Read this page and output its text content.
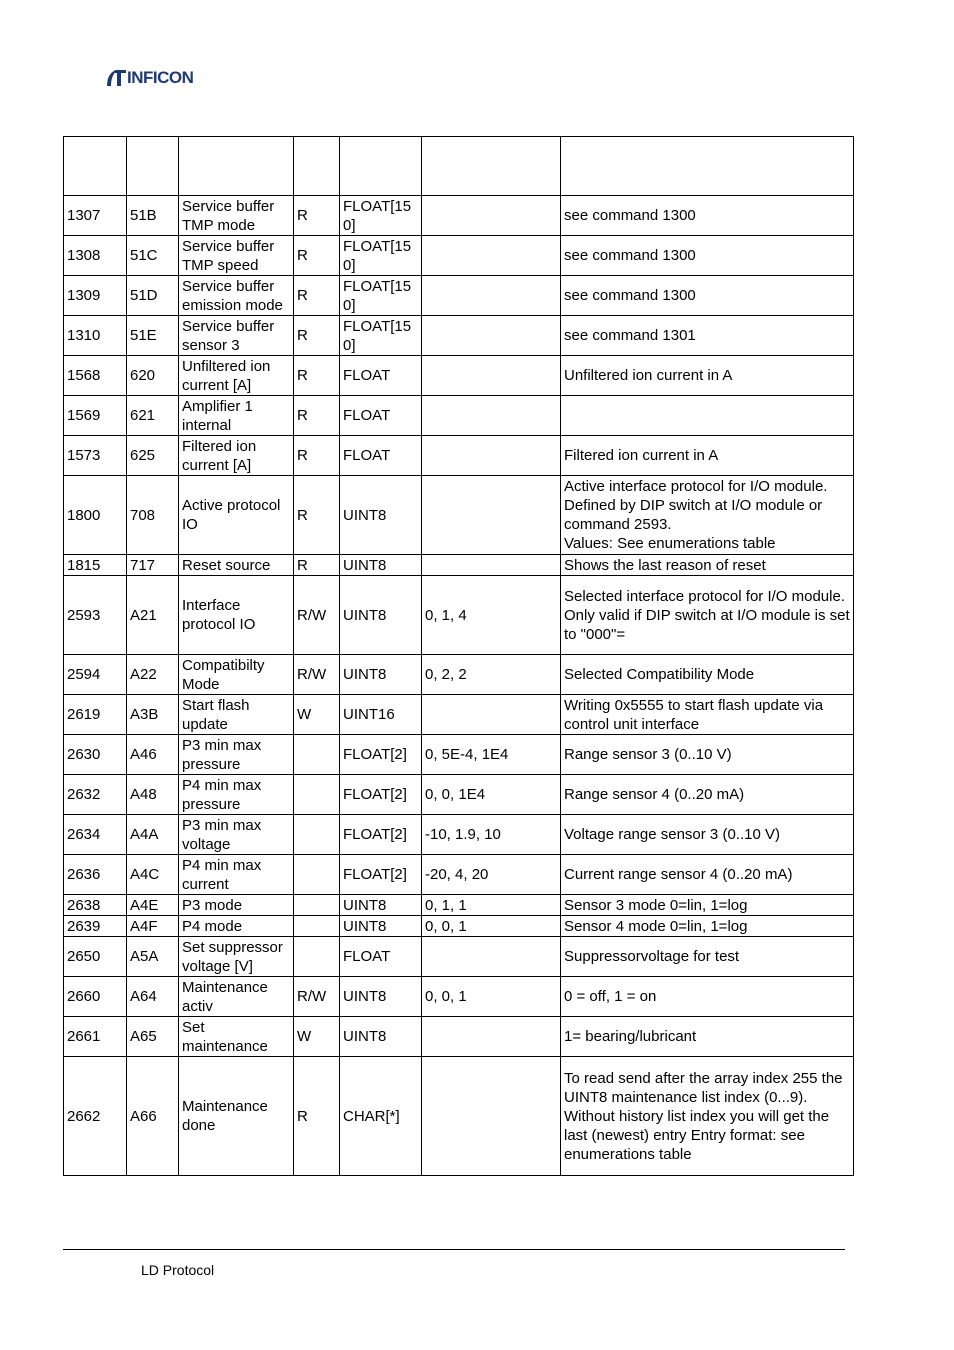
INFICON

1307	51B	Service buffer TMP mode	R	FLOAT[150]		see command 1300
1308	51C	Service buffer TMP speed	R	FLOAT[150]		see command 1300
1309	51D	Service buffer emission mode	R	FLOAT[150]		see command 1300
1310	51E	Service buffer sensor 3	R	FLOAT[150]		see command 1301
1568	620	Unfiltered ion current [A]	R	FLOAT		Unfiltered ion current in A
1569	621	Amplifier 1 internal	R	FLOAT		
1573	625	Filtered ion current [A]	R	FLOAT		Filtered ion current in A
1800	708	Active protocol IO	R	UINT8		Active interface protocol for I/O module. Defined by DIP switch at I/O module or command 2593.
Values: See enumerations table
1815	717	Reset source	R	UINT8		Shows the last reason of reset
2593	A21	Interface protocol IO	R/W	UINT8	0, 1, 4	Selected interface protocol for I/O module. Only valid if DIP switch at I/O module is set to "000"=
2594	A22	Compatibilty Mode	R/W	UINT8	0, 2, 2	Selected Compatibility Mode
2619	A3B	Start flash update	W	UINT16		Writing 0x5555 to start flash update via control unit interface
2630	A46	P3 min max pressure		FLOAT[2]	0, 5E-4, 1E4	Range sensor 3 (0..10 V)
2632	A48	P4 min max pressure		FLOAT[2]	0, 0, 1E4	Range sensor 4 (0..20 mA)
2634	A4A	P3 min max voltage		FLOAT[2]	-10, 1.9, 10	Voltage range sensor 3 (0..10 V)
2636	A4C	P4 min max current		FLOAT[2]	-20, 4, 20	Current range sensor 4 (0..20 mA)
2638	A4E	P3 mode		UINT8	0, 1, 1	Sensor 3 mode 0=lin, 1=log
2639	A4F	P4 mode		UINT8	0, 0, 1	Sensor 4 mode 0=lin, 1=log
2650	A5A	Set suppressor voltage [V]		FLOAT		Suppressorvoltage for test
2660	A64	Maintenance activ	R/W	UINT8	0, 0, 1	0 = off, 1 = on
2661	A65	Set maintenance	W	UINT8		1= bearing/lubricant
2662	A66	Maintenance done	R	CHAR[*]		To read send after the array index 255 the UINT8 maintenance list index (0...9). Without history list index you will get the last (newest) entry Entry format: see enumerations table
LD Protocol
